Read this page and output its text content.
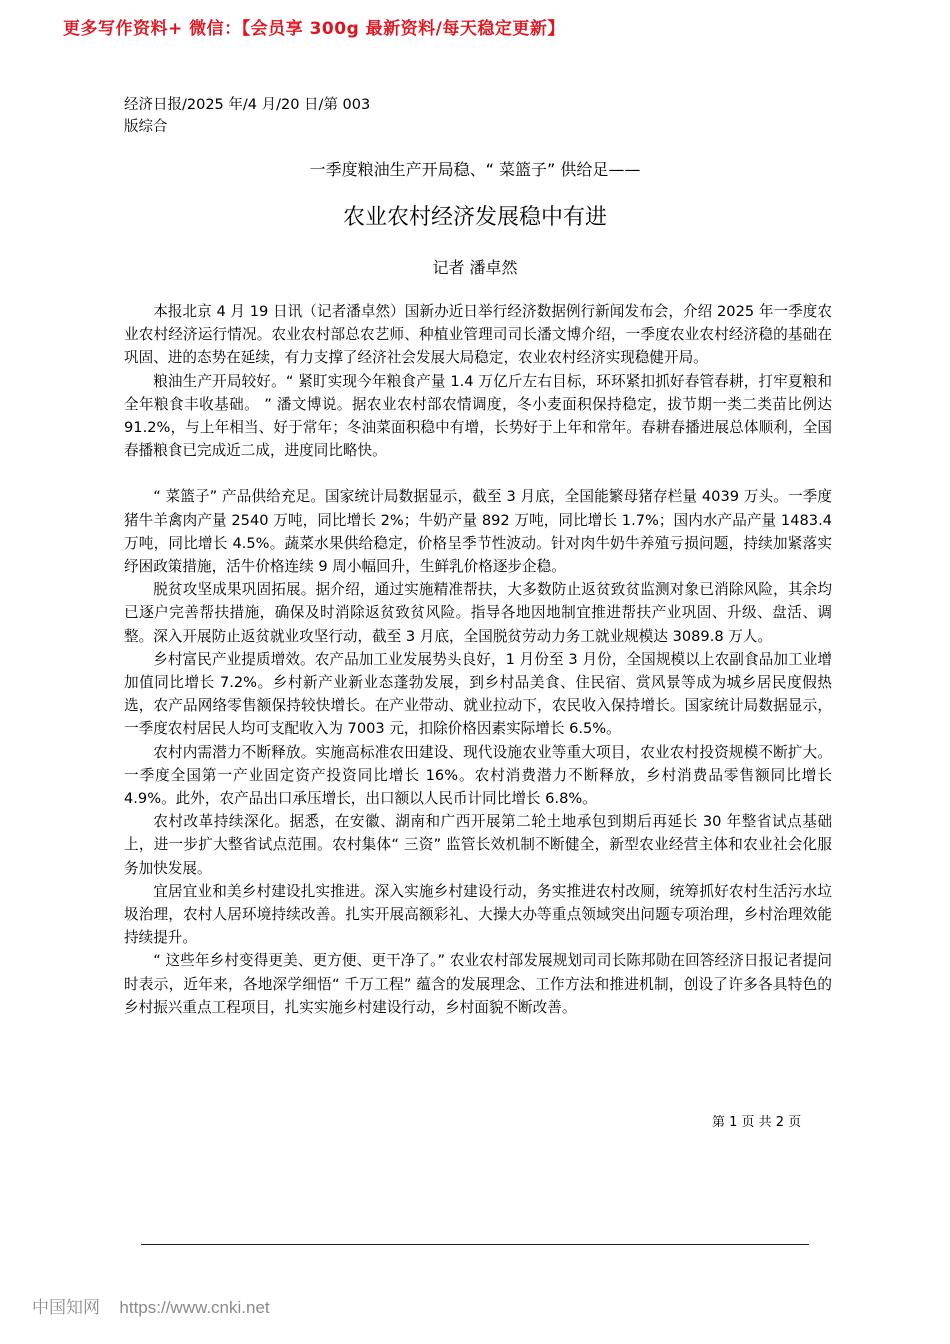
更多写作资料+ 微信：【会员享 300g 最新资料/每天稳定更新】
经济日报/2025 年/4 月/20 日/第 003
版综合
一季度粮油生产开局稳、“ 菜篮子” 供给足——
农业农村经济发展稳中有进
记者 潘卓然

本报北京 4 月 19 日讯（记者潘卓然）国新办近日举行经济数据例行新闻发布会，介绍 2025 年一季度农业农村经济运行情况。农业农村部总农艺师、种植业管理司司长潘文博介绍，一季度农业农村经济稳的基础在巩固、进的态势在延续，有力支撑了经济社会发展大局稳定，农业农村经济实现稳健开局。

粮油生产开局较好。“ 紧盯实现今年粮食产量 1.4 万亿斤左右目标，环环紧扣抓好春管春耕，打牢夏粮和全年粮食丰收基础。 ” 潘文博说。据农业农村部农情调度，冬小麦面积保持稳定，拔节期一类二类苗比例达 91.2%，与上年相当、好于常年；冬油菜面积稳中有增，长势好于上年和常年。春耕春播进展总体顺利，全国春播粮食已完成近二成，进度同比略快。

“ 菜篮子” 产品供给充足。国家统计局数据显示，截至 3 月底，全国能繁母猪存栏量 4039 万头。一季度猪牛羊禽肉产量 2540 万吨，同比增长 2%；牛奶产量 892 万吨，同比增长 1.7%；国内水产品产量 1483.4 万吨，同比增长 4.5%。蔬菜水果供给稳定，价格呈季节性波动。针对肉牛奶牛养殖亏损问题，持续加紧落实纾困政策措施，活牛价格连续 9 周小幅回升，生鲜乳价格逐步企稳。

脱贫攻坚成果巩固拓展。据介绍，通过实施精准帮扶，大多数防止返贫致贫监测对象已消除风险，其余均已逐户完善帮扶措施，确保及时消除返贫致贫风险。指导各地因地制宜推进帮扶产业巩固、升级、盘活、调整。深入开展防止返贫就业攻坚行动，截至 3 月底，全国脱贫劳动力务工就业规模达 3089.8 万人。

乡村富民产业提质增效。农产品加工业发展势头良好，1 月份至 3 月份，全国规模以上农副食品加工业增加值同比增长 7.2%。乡村新产业新业态蓬勃发展，到乡村品美食、住民宿、赏风景等成为城乡居民度假热选，农产品网络零售额保持较快增长。在产业带动、就业拉动下，农民收入保持增长。国家统计局数据显示，一季度农村居民人均可支配收入为 7003 元，扣除价格因素实际增长 6.5%。

农村内需潜力不断释放。实施高标准农田建设、现代设施农业等重大项目，农业农村投资规模不断扩大。一季度全国第一产业固定资产投资同比增长 16%。农村消费潜力不断释放，乡村消费品零售额同比增长 4.9%。此外，农产品出口承压增长，出口额以人民币计同比增长 6.8%。

农村改革持续深化。据悉，在安徽、湖南和广西开展第二轮土地承包到期后再延长 30 年整省试点基础上，进一步扩大整省试点范围。农村集体“ 三资” 监管长效机制不断健全，新型农业经营主体和农业社会化服务加快发展。

宜居宜业和美乡村建设扎实推进。深入实施乡村建设行动，务实推进农村改厕，统筹抓好农村生活污水垃圾治理，农村人居环境持续改善。扎实开展高额彩礼、大操大办等重点领域突出问题专项治理，乡村治理效能持续提升。

“ 这些年乡村变得更美、更方便、更干净了。” 农业农村部发展规划司司长陈邦勋在回答经济日报记者提问时表示，近年来，各地深学细悟“ 千万工程” 蕴含的发展理念、工作方法和推进机制，创设了许多各具特色的乡村振兴重点工程项目，扎实实施乡村建设行动，乡村面貌不断改善。

第 1 页 共 2 页
中国知网 https://www.cnki.net
